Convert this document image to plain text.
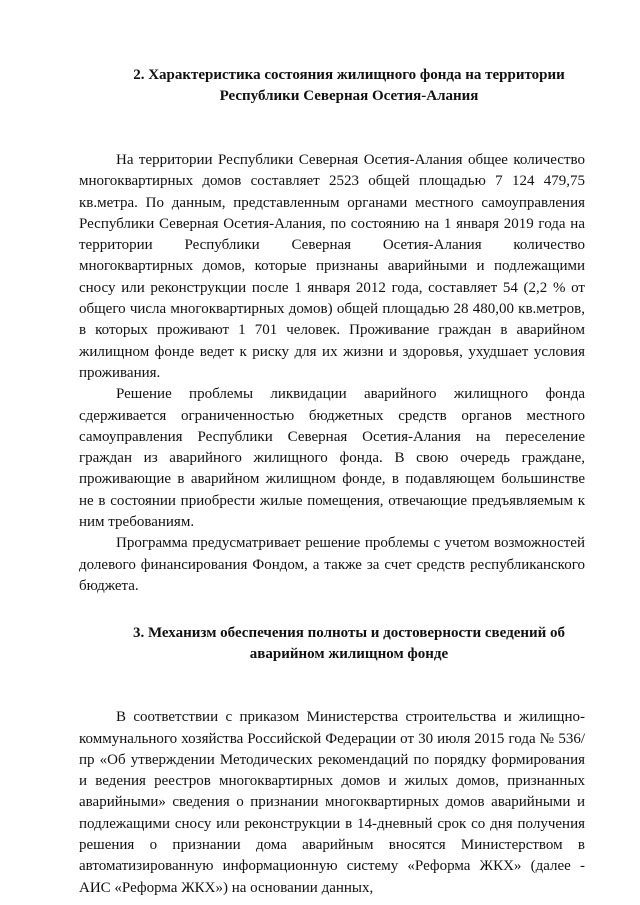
2. Характеристика состояния жилищного фонда на территории Республики Северная Осетия-Алания

На территории Республики Северная Осетия-Алания общее количество многоквартирных домов составляет 2523 общей площадью 7 124 479,75 кв.метра. По данным, представленным органами местного самоуправления Республики Северная Осетия-Алания, по состоянию на 1 января 2019 года на территории Республики Северная Осетия-Алания количество многоквартирных домов, которые признаны аварийными и подлежащими сносу или реконструкции после 1 января 2012 года, составляет 54 (2,2 % от общего числа многоквартирных домов) общей площадью 28 480,00 кв.метров, в которых проживают 1 701 человек. Проживание граждан в аварийном жилищном фонде ведет к риску для их жизни и здоровья, ухудшает условия проживания.

Решение проблемы ликвидации аварийного жилищного фонда сдерживается ограниченностью бюджетных средств органов местного самоуправления Республики Северная Осетия-Алания на переселение граждан из аварийного жилищного фонда. В свою очередь граждане, проживающие в аварийном жилищном фонде, в подавляющем большинстве не в состоянии приобрести жилые помещения, отвечающие предъявляемым к ним требованиям.

Программа предусматривает решение проблемы с учетом возможностей долевого финансирования Фондом, а также за счет средств республиканского бюджета.

3. Механизм обеспечения полноты и достоверности сведений об аварийном жилищном фонде

В соответствии с приказом Министерства строительства и жилищно-коммунального хозяйства Российской Федерации от 30 июля 2015 года № 536/пр «Об утверждении Методических рекомендаций по порядку формирования и ведения реестров многоквартирных домов и жилых домов, признанных аварийными» сведения о признании многоквартирных домов аварийными и подлежащими сносу или реконструкции в 14-дневный срок со дня получения решения о признании дома аварийным вносятся Министерством в автоматизированную информационную систему «Реформа ЖКХ» (далее - АИС «Реформа ЖКХ») на основании данных,
